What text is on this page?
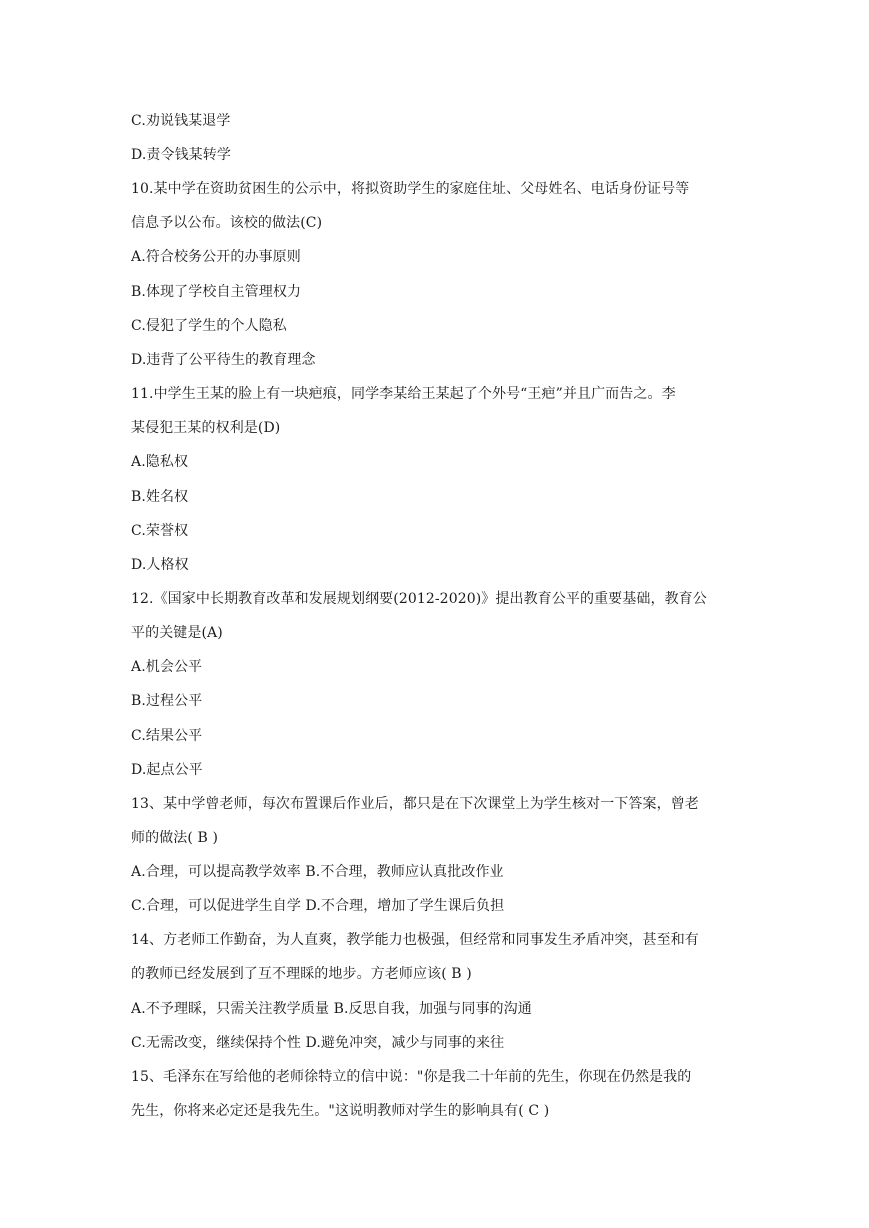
C.劝说钱某退学
D.责令钱某转学
10.某中学在资助贫困生的公示中，将拟资助学生的家庭住址、父母姓名、电话身份证号等
信息予以公布。该校的做法(C)
A.符合校务公开的办事原则
B.体现了学校自主管理权力
C.侵犯了学生的个人隐私
D.违背了公平待生的教育理念
11.中学生王某的脸上有一块疤痕，同学李某给王某起了个外号“王疤”并且广而告之。李
某侵犯王某的权利是(D)
A.隐私权
B.姓名权
C.荣誉权
D.人格权
12.《国家中长期教育改革和发展规划纲要(2012-2020)》提出教育公平的重要基础，教育公
平的关键是(A)
A.机会公平
B.过程公平
C.结果公平
D.起点公平
13、某中学曾老师，每次布置课后作业后，都只是在下次课堂上为学生核对一下答案，曾老
师的做法( B )
A.合理，可以提高教学效率 B.不合理，教师应认真批改作业
C.合理，可以促进学生自学 D.不合理，增加了学生课后负担
14、方老师工作勤奋，为人直爽，教学能力也极强，但经常和同事发生矛盾冲突，甚至和有
的教师已经发展到了互不理睬的地步。方老师应该( B )
A.不予理睬，只需关注教学质量 B.反思自我，加强与同事的沟通
C.无需改变，继续保持个性 D.避免冲突，减少与同事的来往
15、毛泽东在写给他的老师徐特立的信中说："你是我二十年前的先生，你现在仍然是我的
先生，你将来必定还是我先生。"这说明教师对学生的影响具有( C )
